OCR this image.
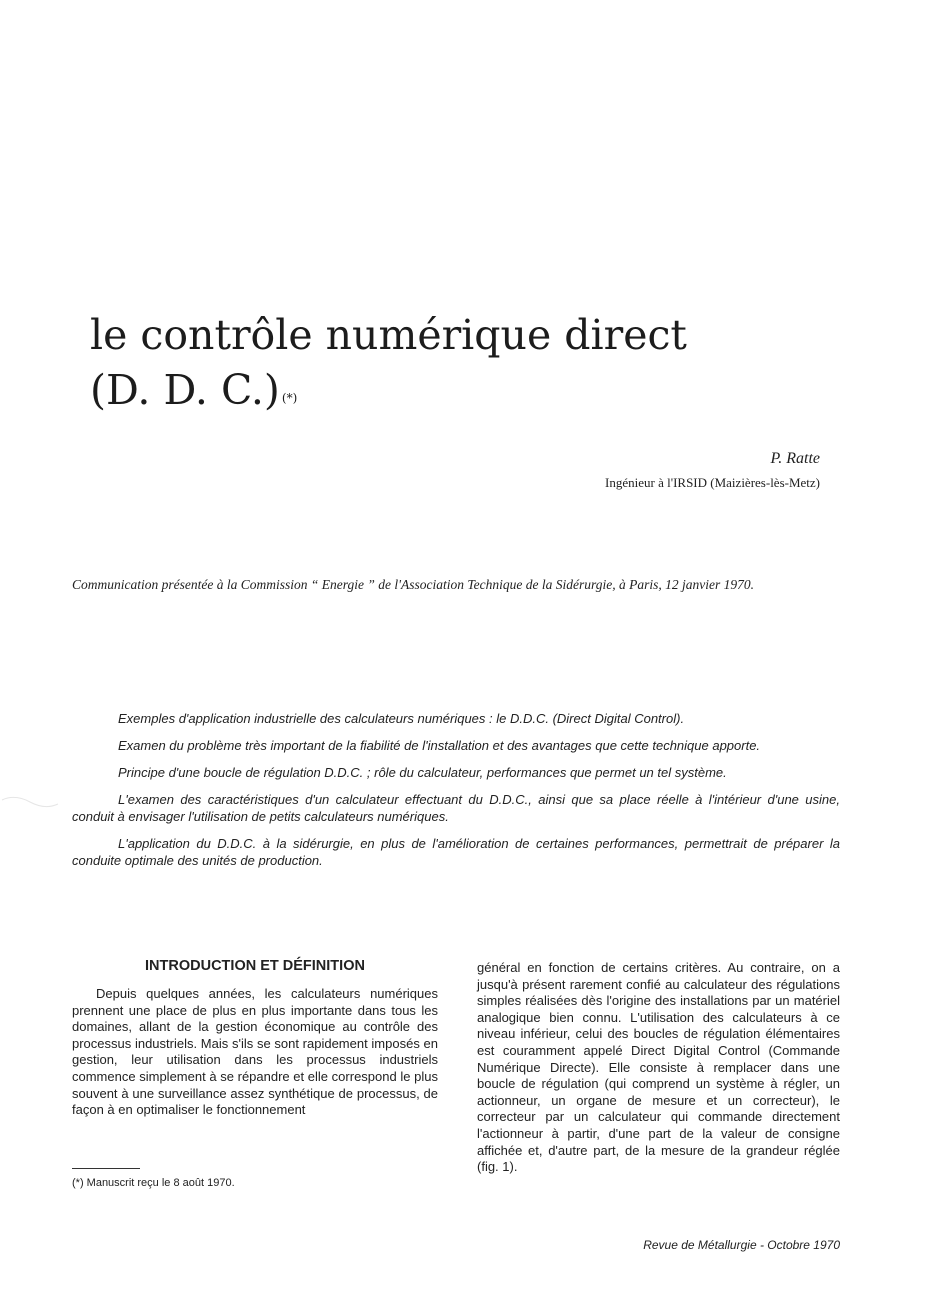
le contrôle numérique direct
(D. D. C.) (*)
P. Ratte
Ingénieur à l'IRSID (Maizières-lès-Metz)

Communication présentée à la Commission “ Energie ” de l'Association Technique de la Sidérurgie, à Paris, 12 janvier 1970.

Exemples d'application industrielle des calculateurs numériques : le D.D.C. (Direct Digital Control).

Examen du problème très important de la fiabilité de l'installation et des avantages que cette technique apporte.

Principe d'une boucle de régulation D.D.C. ; rôle du calculateur, performances que permet un tel système.

L'examen des caractéristiques d'un calculateur effectuant du D.D.C., ainsi que sa place réelle à l'intérieur d'une usine, conduit à envisager l'utilisation de petits calculateurs numériques.

L'application du D.D.C. à la sidérurgie, en plus de l'amélioration de certaines performances, permettrait de préparer la conduite optimale des unités de production.

INTRODUCTION ET DÉFINITION

Depuis quelques années, les calculateurs numériques prennent une place de plus en plus importante dans tous les domaines, allant de la gestion économique au contrôle des processus industriels. Mais s'ils se sont rapidement imposés en gestion, leur utilisation dans les processus industriels commence simplement à se répandre et elle correspond le plus souvent à une surveillance assez synthétique de processus, de façon à en optimaliser le fonctionnement

général en fonction de certains critères. Au contraire, on a jusqu'à présent rarement confié au calculateur des régulations simples réalisées dès l'origine des installations par un matériel analogique bien connu. L'utilisation des calculateurs à ce niveau inférieur, celui des boucles de régulation élémentaires est couramment appelé Direct Digital Control (Commande Numérique Directe). Elle consiste à remplacer dans une boucle de régulation (qui comprend un système à régler, un actionneur, un organe de mesure et un correcteur), le correcteur par un calculateur qui commande directement l'actionneur à partir, d'une part de la valeur de consigne affichée et, d'autre part, de la mesure de la grandeur réglée (fig. 1).

(*) Manuscrit reçu le 8 août 1970.

Revue de Métallurgie - Octobre 1970
